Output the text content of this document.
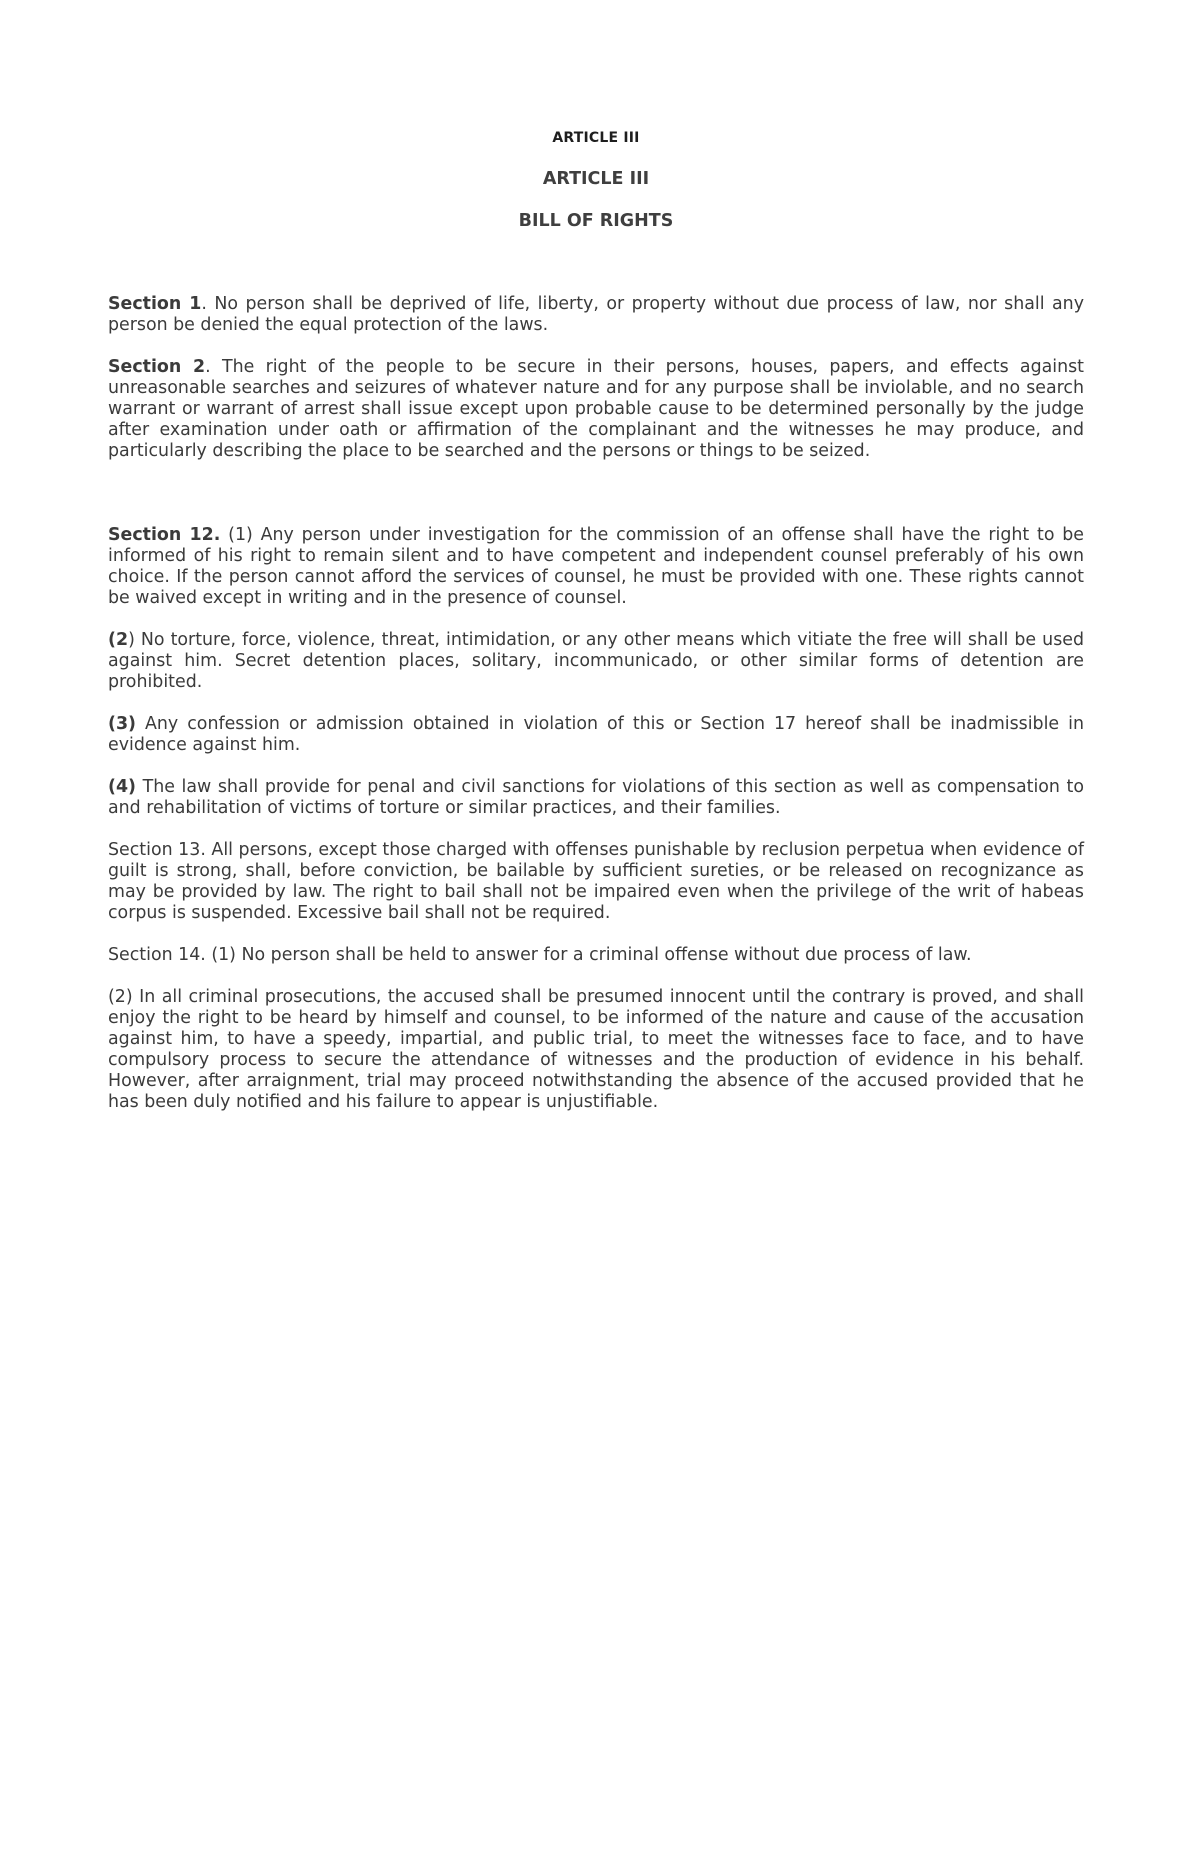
ARTICLE III
ARTICLE III
BILL OF RIGHTS

Section 1. No person shall be deprived of life, liberty, or property without due process of law, nor shall any person be denied the equal protection of the laws.

Section 2. The right of the people to be secure in their persons, houses, papers, and effects against unreasonable searches and seizures of whatever nature and for any purpose shall be inviolable, and no search warrant or warrant of arrest shall issue except upon probable cause to be determined personally by the judge after examination under oath or affirmation of the complainant and the witnesses he may produce, and particularly describing the place to be searched and the persons or things to be seized.

Section 12. (1) Any person under investigation for the commission of an offense shall have the right to be informed of his right to remain silent and to have competent and independent counsel preferably of his own choice. If the person cannot afford the services of counsel, he must be provided with one. These rights cannot be waived except in writing and in the presence of counsel.

(2) No torture, force, violence, threat, intimidation, or any other means which vitiate the free will shall be used against him. Secret detention places, solitary, incommunicado, or other similar forms of detention are prohibited.

(3) Any confession or admission obtained in violation of this or Section 17 hereof shall be inadmissible in evidence against him.

(4) The law shall provide for penal and civil sanctions for violations of this section as well as compensation to and rehabilitation of victims of torture or similar practices, and their families.

Section 13. All persons, except those charged with offenses punishable by reclusion perpetua when evidence of guilt is strong, shall, before conviction, be bailable by sufficient sureties, or be released on recognizance as may be provided by law. The right to bail shall not be impaired even when the privilege of the writ of habeas corpus is suspended. Excessive bail shall not be required.

Section 14. (1) No person shall be held to answer for a criminal offense without due process of law.

(2) In all criminal prosecutions, the accused shall be presumed innocent until the contrary is proved, and shall enjoy the right to be heard by himself and counsel, to be informed of the nature and cause of the accusation against him, to have a speedy, impartial, and public trial, to meet the witnesses face to face, and to have compulsory process to secure the attendance of witnesses and the production of evidence in his behalf. However, after arraignment, trial may proceed notwithstanding the absence of the accused provided that he has been duly notified and his failure to appear is unjustifiable.
